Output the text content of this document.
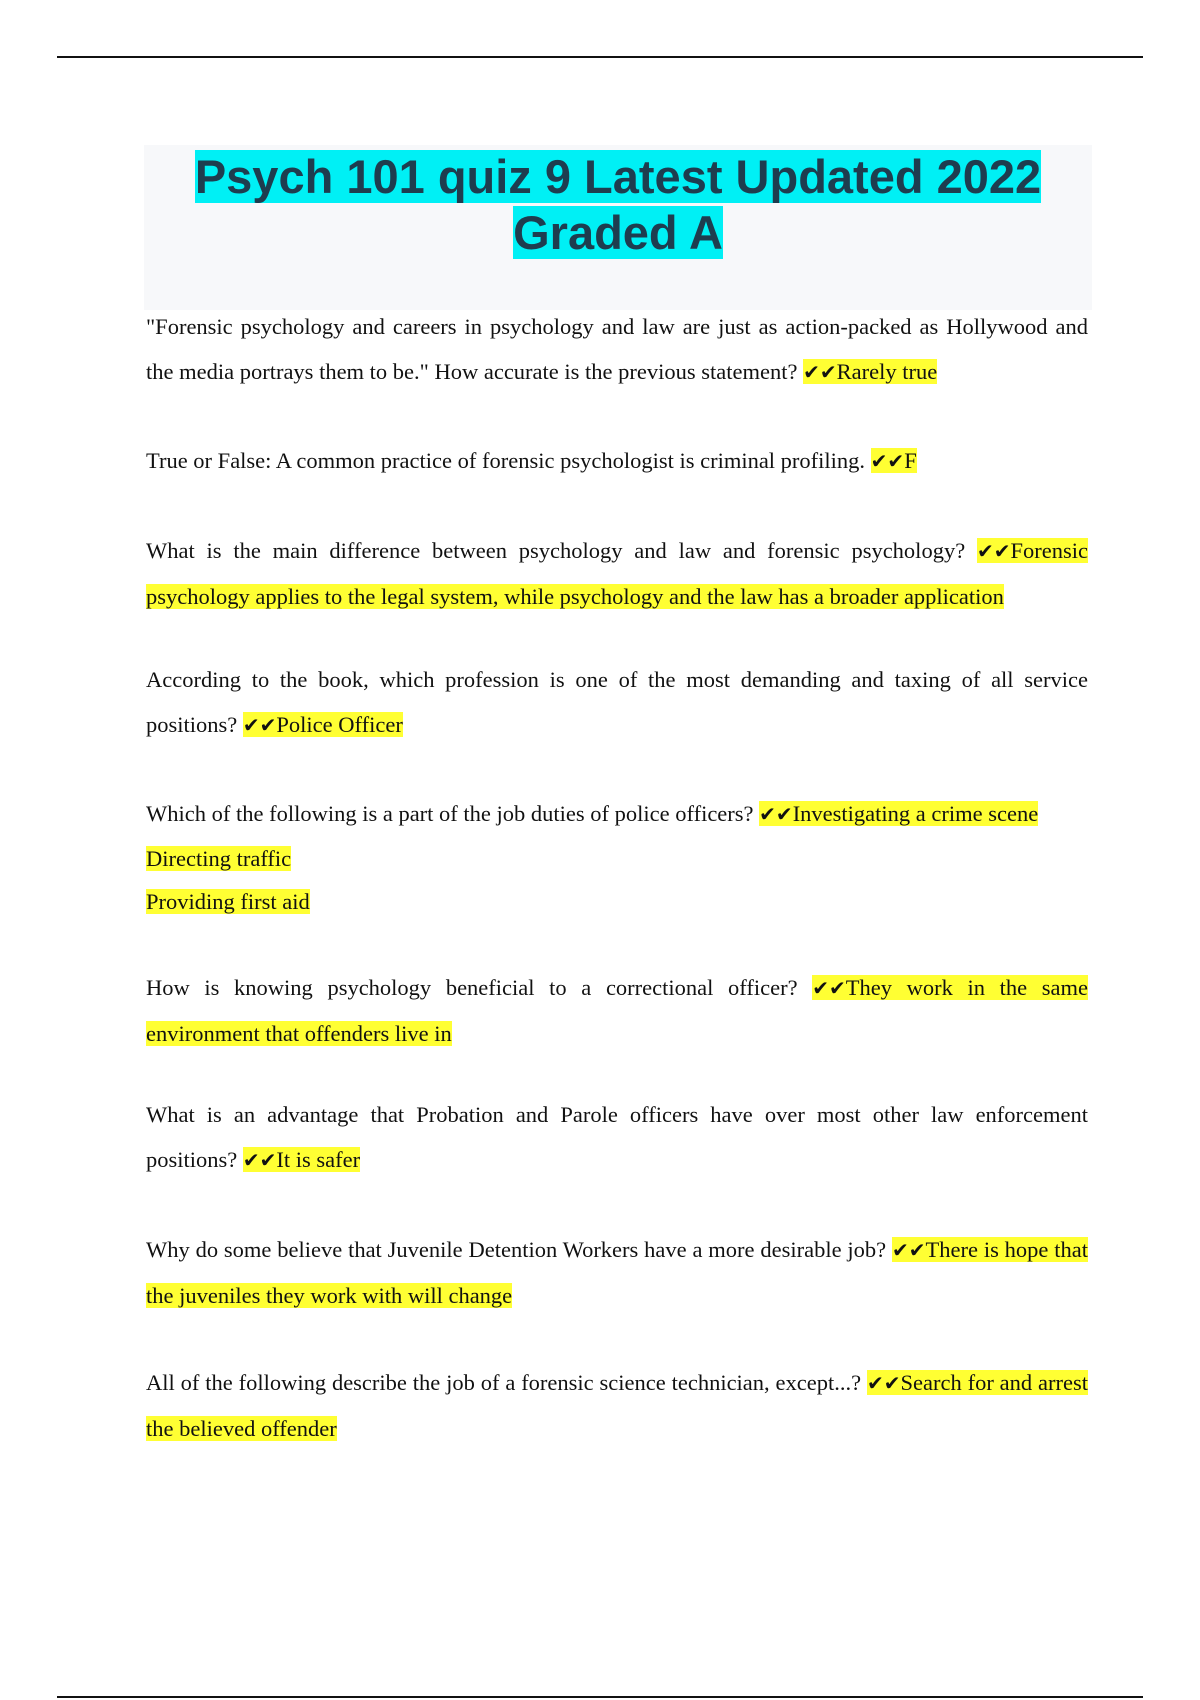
Psych 101 quiz 9 Latest Updated 2022 Graded A
"Forensic psychology and careers in psychology and law are just as action-packed as Hollywood and the media portrays them to be." How accurate is the previous statement? ✔✔Rarely true
True or False: A common practice of forensic psychologist is criminal profiling. ✔✔F
What is the main difference between psychology and law and forensic psychology? ✔✔Forensic psychology applies to the legal system, while psychology and the law has a broader application
According to the book, which profession is one of the most demanding and taxing of all service positions? ✔✔Police Officer
Which of the following is a part of the job duties of police officers? ✔✔Investigating a crime scene
Directing traffic
Providing first aid
How is knowing psychology beneficial to a correctional officer? ✔✔They work in the same environment that offenders live in
What is an advantage that Probation and Parole officers have over most other law enforcement positions? ✔✔It is safer
Why do some believe that Juvenile Detention Workers have a more desirable job? ✔✔There is hope that the juveniles they work with will change
All of the following describe the job of a forensic science technician, except...? ✔✔Search for and arrest the believed offender
